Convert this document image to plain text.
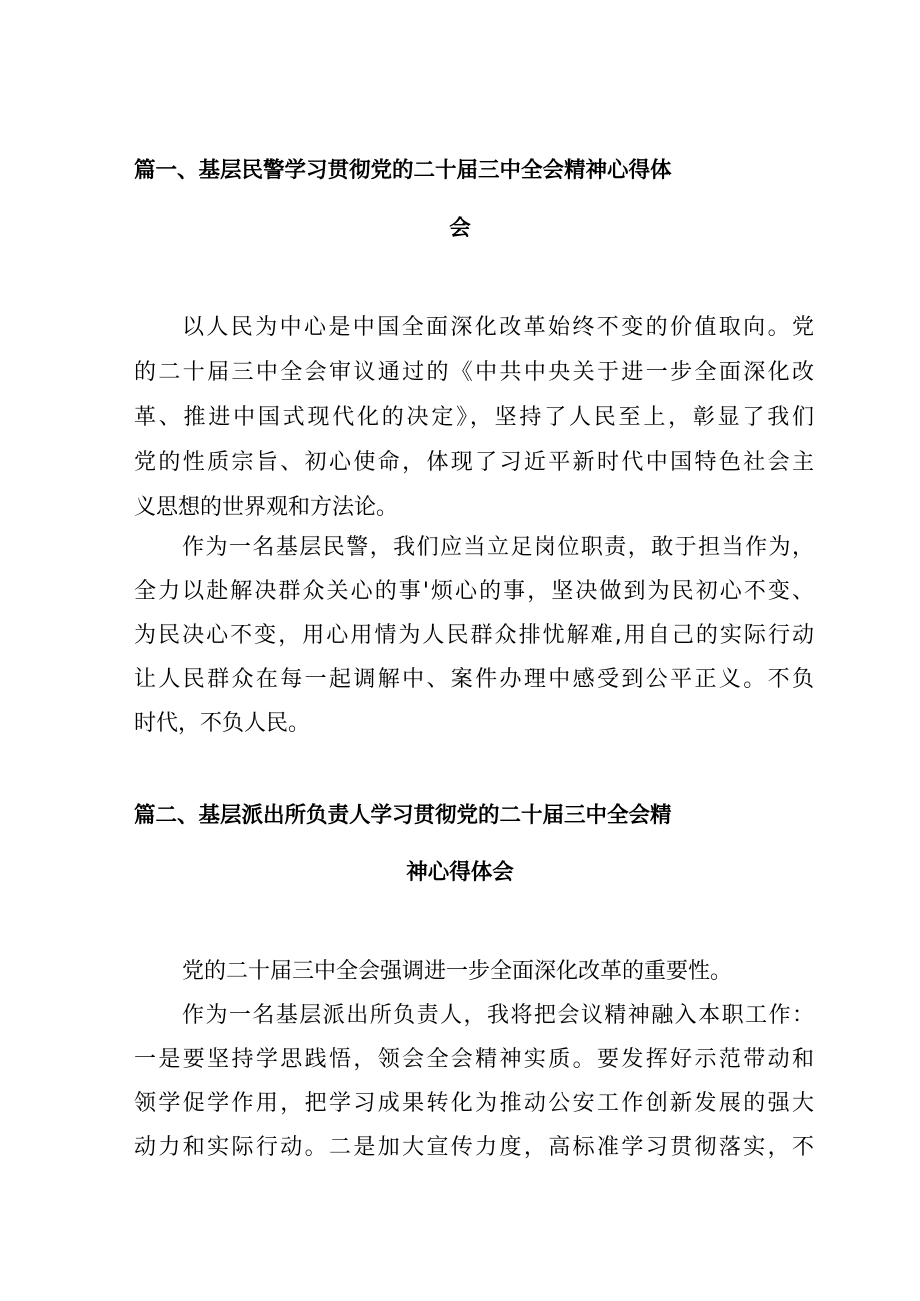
篇一、基层民警学习贯彻党的二十届三中全会精神心得体
会
以人民为中心是中国全面深化改革始终不变的价值取向。党
的二十届三中全会审议通过的《中共中央关于进一步全面深化改
革、推进中国式现代化的决定》，坚持了人民至上，彰显了我们
党的性质宗旨、初心使命，体现了习近平新时代中国特色社会主
义思想的世界观和方法论。
作为一名基层民警，我们应当立足岗位职责，敢于担当作为，
全力以赴解决群众关心的事'烦心的事，坚决做到为民初心不变、
为民决心不变，用心用情为人民群众排忧解难,用自己的实际行动
让人民群众在每一起调解中、案件办理中感受到公平正义。不负
时代，不负人民。
篇二、基层派出所负责人学习贯彻党的二十届三中全会精
神心得体会
党的二十届三中全会强调进一步全面深化改革的重要性。
作为一名基层派出所负责人，我将把会议精神融入本职工作：
一是要坚持学思践悟，领会全会精神实质。要发挥好示范带动和
领学促学作用，把学习成果转化为推动公安工作创新发展的强大
动力和实际行动。二是加大宣传力度，高标准学习贯彻落实，不
